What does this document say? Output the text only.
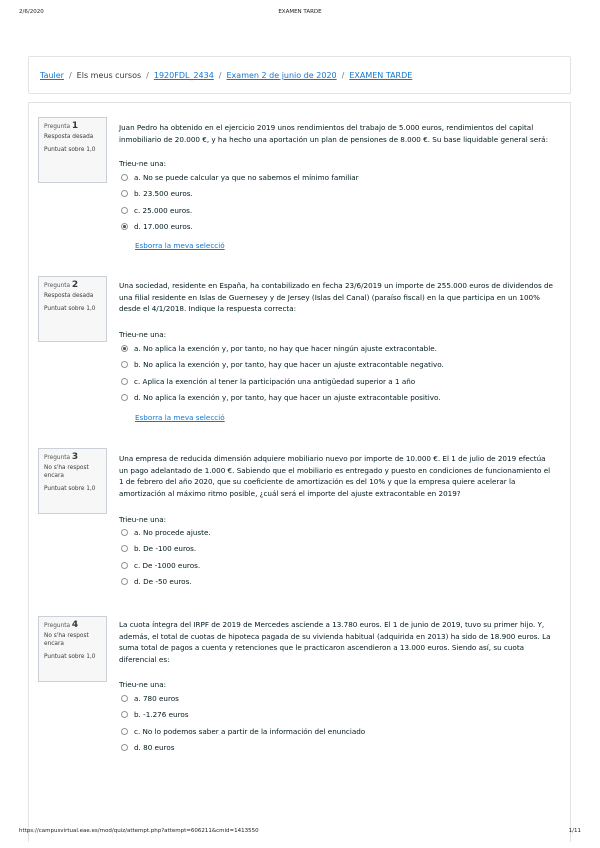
2/6/2020	EXAMEN TARDE
Tauler / Els meus cursos / 1920FDL_2434 / Examen 2 de junio de 2020 / EXAMEN TARDE
Pregunta 1
Resposta desada
Puntuat sobre 1,0
Juan Pedro ha obtenido en el ejercicio 2019 unos rendimientos del trabajo de 5.000 euros, rendimientos del capital inmobiliario de 20.000 €, y ha hecho una aportación un plan de pensiones de 8.000 €. Su base liquidable general será:
Trieu-ne una:
a. No se puede calcular ya que no sabemos el mínimo familiar
b. 23.500 euros.
c. 25.000 euros.
d. 17.000 euros.
Esborra la meva selecció
Pregunta 2
Resposta desada
Puntuat sobre 1,0
Una sociedad, residente en España, ha contabilizado en fecha 23/6/2019 un importe de 255.000 euros de dividendos de una filial residente en Islas de Guernesey y de Jersey (Islas del Canal) (paraíso fiscal) en la que participa en un 100% desde el 4/1/2018. Indique la respuesta correcta:
Trieu-ne una:
a. No aplica la exención y, por tanto, no hay que hacer ningún ajuste extracontable.
b. No aplica la exención y, por tanto, hay que hacer un ajuste extracontable negativo.
c. Aplica la exención al tener la participación una antigüedad superior a 1 año
d. No aplica la exención y, por tanto, hay que hacer un ajuste extracontable positivo.
Esborra la meva selecció
Pregunta 3
No s'ha respost encara
Puntuat sobre 1,0
Una empresa de reducida dimensión adquiere mobiliario nuevo por importe de 10.000 €. El 1 de julio de 2019 efectúa un pago adelantado de 1.000 €. Sabiendo que el mobiliario es entregado y puesto en condiciones de funcionamiento el 1 de febrero del año 2020, que su coeficiente de amortización es del 10% y que la empresa quiere acelerar la amortización al máximo ritmo posible, ¿cuál será el importe del ajuste extracontable en 2019?
Trieu-ne una:
a. No procede ajuste.
b. De -100 euros.
c. De -1000 euros.
d. De -50 euros.
Pregunta 4
No s'ha respost encara
Puntuat sobre 1,0
La cuota íntegra del IRPF de 2019 de Mercedes asciende a 13.780 euros. El 1 de junio de 2019, tuvo su primer hijo. Y, además, el total de cuotas de hipoteca pagada de su vivienda habitual (adquirida en 2013) ha sido de 18.900 euros. La suma total de pagos a cuenta y retenciones que le practicaron ascendieron a 13.000 euros. Siendo así, su cuota diferencial es:
Trieu-ne una:
a. 780 euros
b. -1.276 euros
c. No lo podemos saber a partir de la información del enunciado
d. 80 euros
https://campusvirtual.eae.es/mod/quiz/attempt.php?attempt=606211&cmid=1413550	1/11
